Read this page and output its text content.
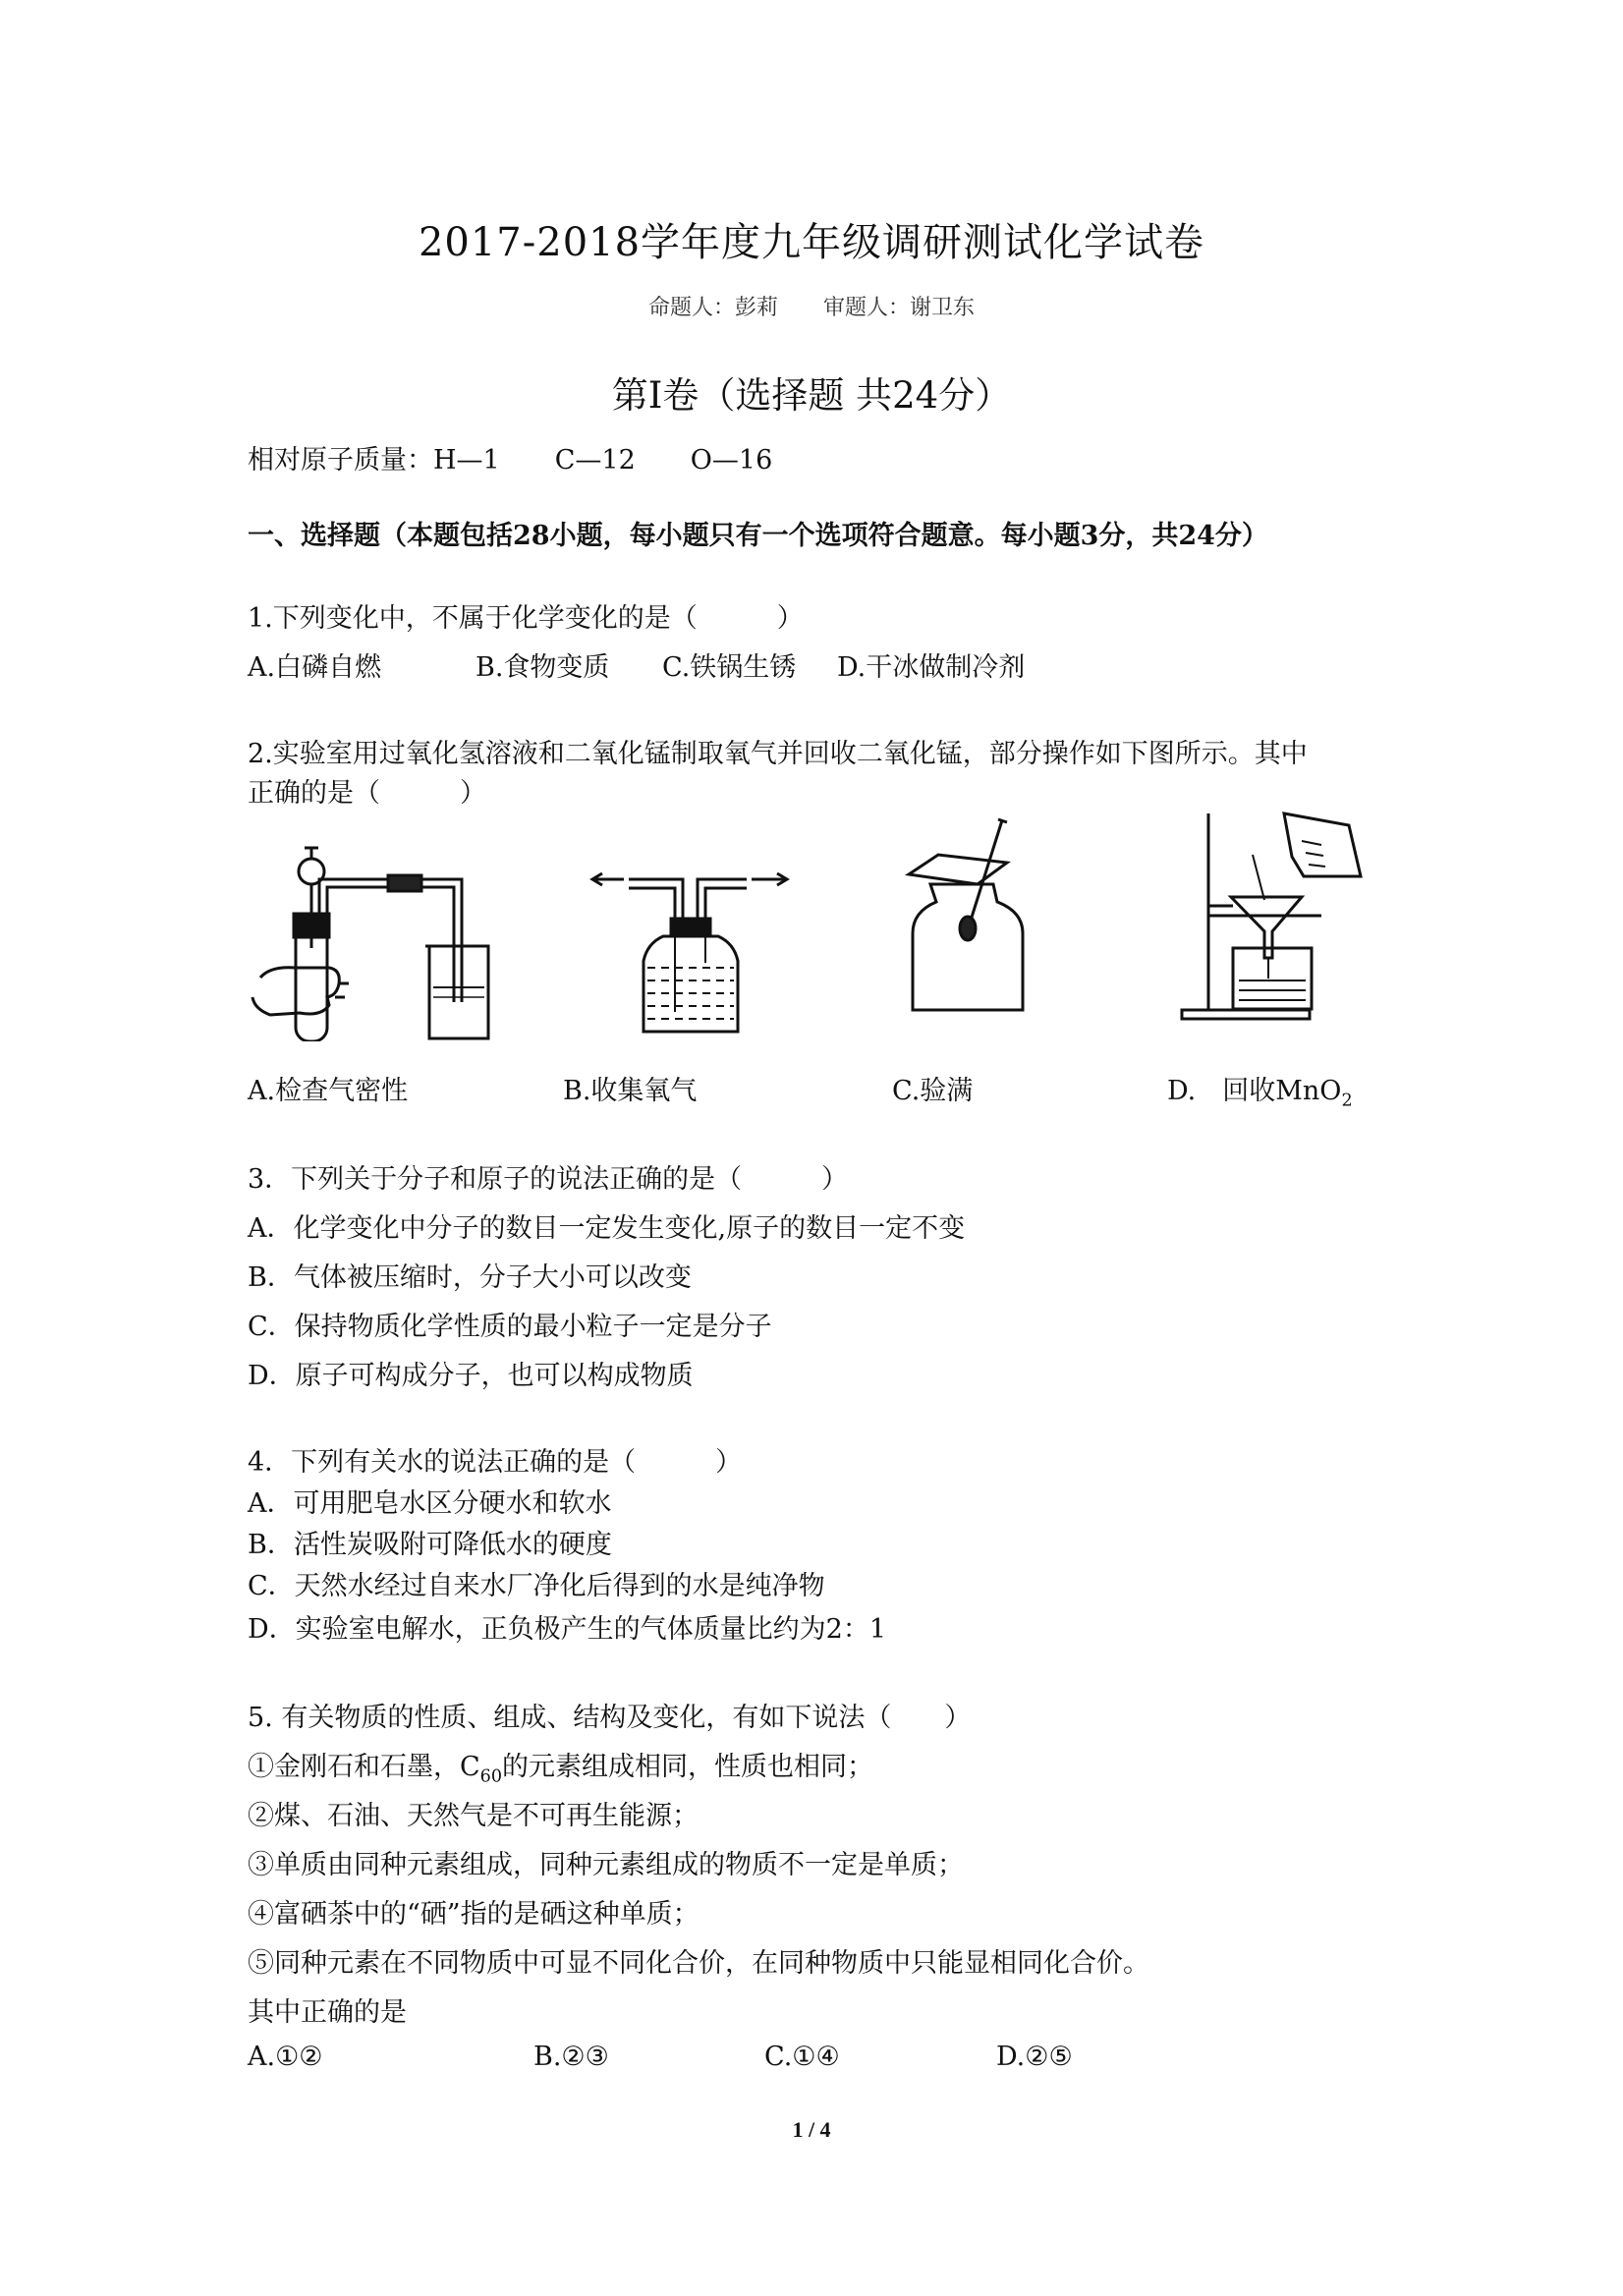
2017-2018学年度九年级调研测试化学试卷
命题人：彭莉 审题人：谢卫东
第Ⅰ卷（选择题 共24分）
相对原子质量：H—1 C—12 O—16
一、选择题（本题包括28小题，每小题只有一个选项符合题意。每小题3分，共24分）
1.下列变化中，不属于化学变化的是（　　　）
A.白磷自燃	B.食物变质 C.铁锅生锈 D.干冰做制冷剂
2.实验室用过氧化氢溶液和二氧化锰制取氧气并回收二氧化锰，部分操作如下图所示。其中
正确的是（　　　）
A.检查气密性	B.收集氧气	C.验满	D.　回收MnO$_2$
3．下列关于分子和原子的说法正确的是（　　　）
A．化学变化中分子的数目一定发生变化,原子的数目一定不变
B．气体被压缩时，分子大小可以改变
C．保持物质化学性质的最小粒子一定是分子
D．原子可构成分子，也可以构成物质
4．下列有关水的说法正确的是（　　　）
A．可用肥皂水区分硬水和软水
B．活性炭吸附可降低水的硬度
C．天然水经过自来水厂净化后得到的水是纯净物
D．实验室电解水，正负极产生的气体质量比约为2：1
5. 有关物质的性质、组成、结构及变化，有如下说法（　　）
①金刚石和石墨，$C_{60}$的元素组成相同，性质也相同；
②煤、石油、天然气是不可再生能源；
③单质由同种元素组成，同种元素组成的物质不一定是单质；
④富硒茶中的“硒”指的是硒这种单质；
⑤同种元素在不同物质中可显不同化合价，在同种物质中只能显相同化合价。
其中正确的是
A.①②	B.②③	C.①④	D.②⑤
1 / 4
